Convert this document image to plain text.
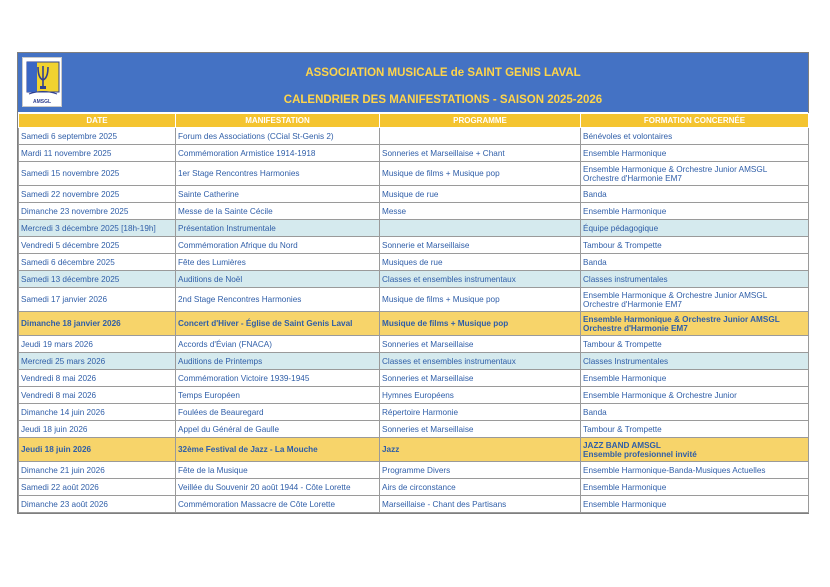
AMSGL
ASSOCIATION MUSICALE de SAINT GENIS LAVAL
CALENDRIER DES MANIFESTATIONS - SAISON 2025-2026
DATE	MANIFESTATION	PROGRAMME	FORMATION CONCERNÉE
Samedi 6 septembre 2025	Forum des Associations (CCial St-Genis 2)		Bénévoles et volontaires

Mardi 11 novembre 2025	Commémoration Armistice 1914-1918	Sonneries et Marseillaise + Chant	Ensemble Harmonique

Samedi 15 novembre 2025	1er Stage Rencontres Harmonies	Musique de films + Musique pop	Ensemble Harmonique & Orchestre Junior AMSGL
Orchestre d'Harmonie EM7

Samedi 22 novembre 2025	Sainte Catherine	Musique de rue	Banda

Dimanche 23 novembre 2025	Messe de la Sainte Cécile	Messe	Ensemble Harmonique

Mercredi 3 décembre 2025 [18h-19h]	Présentation Instrumentale		Équipe pédagogique

Vendredi 5 décembre 2025	Commémoration Afrique du Nord	Sonnerie et Marseillaise	Tambour & Trompette

Samedi 6 décembre 2025	Fête des Lumières	Musiques de rue	Banda

Samedi 13 décembre 2025	Auditions de Noël	Classes et ensembles instrumentaux	Classes instrumentales

Samedi 17 janvier 2026	2nd Stage Rencontres Harmonies	Musique de films + Musique pop	Ensemble Harmonique & Orchestre Junior AMSGL
Orchestre d'Harmonie EM7

Dimanche 18 janvier 2026	Concert d'Hiver - Église de Saint Genis Laval	Musique de films + Musique pop	Ensemble Harmonique & Orchestre Junior AMSGL
Orchestre d'Harmonie EM7

Jeudi 19 mars 2026	Accords d'Évian (FNACA)	Sonneries et Marseillaise	Tambour & Trompette

Mercredi 25 mars 2026	Auditions de Printemps	Classes et ensembles instrumentaux	Classes Instrumentales

Vendredi 8 mai 2026	Commémoration Victoire 1939-1945	Sonneries et Marseillaise	Ensemble Harmonique

Vendredi 8 mai 2026	Temps Européen	Hymnes Européens	Ensemble Harmonique & Orchestre Junior

Dimanche 14 juin 2026	Foulées de Beauregard	Répertoire Harmonie	Banda

Jeudi 18 juin 2026	Appel du Général de Gaulle	Sonneries et Marseillaise	Tambour & Trompette

Jeudi 18 juin 2026	32ème Festival de Jazz - La Mouche	Jazz	JAZZ BAND AMSGL
Ensemble profesionnel invité

Dimanche 21 juin 2026	Fête de la Musique	Programme Divers	Ensemble Harmonique-Banda-Musiques Actuelles

Samedi 22 août 2026	Veillée du Souvenir 20 août 1944 - Côte Lorette	Airs de circonstance	Ensemble Harmonique

Dimanche 23 août 2026	Commémoration Massacre de Côte Lorette	Marseillaise - Chant des Partisans	Ensemble Harmonique
